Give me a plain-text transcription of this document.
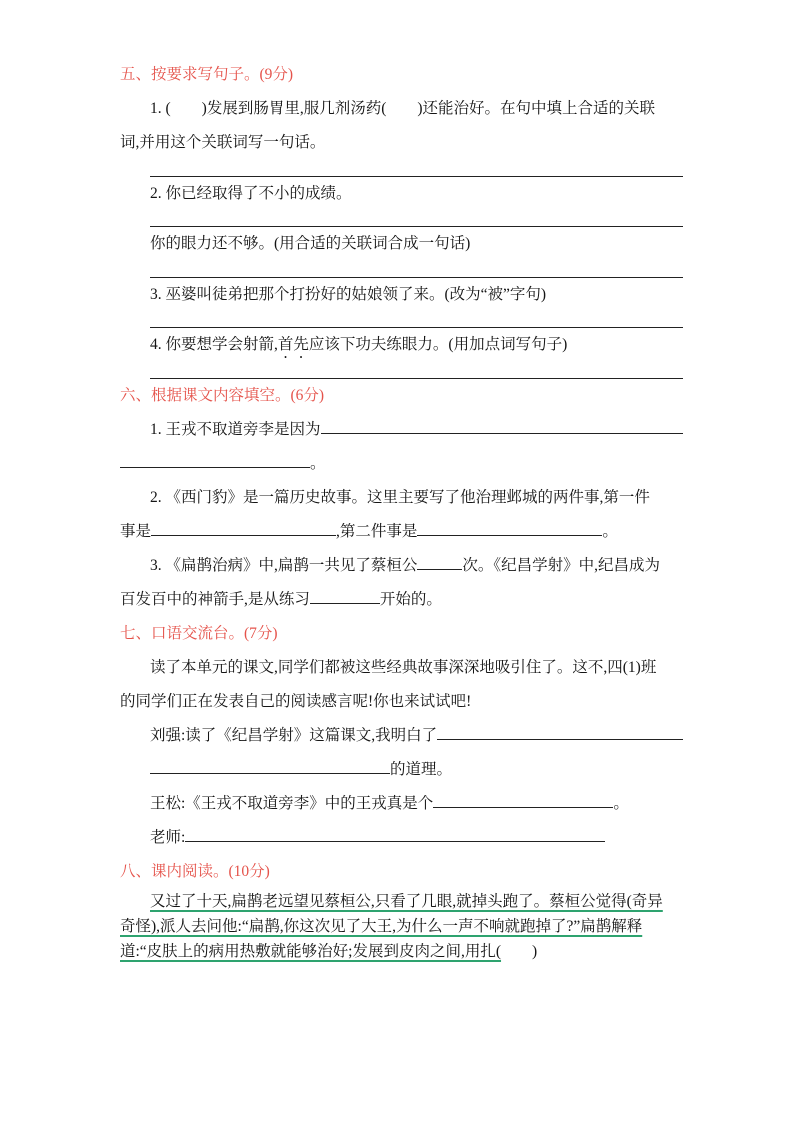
五、按要求写句子。(9分)
1. (　　)发展到肠胃里,服几剂汤药(　　)还能治好。在句中填上合适的关联
词,并用这个关联词写一句话。
2. 你已经取得了不小的成绩。
你的眼力还不够。(用合适的关联词合成一句话)
3. 巫婆叫徒弟把那个打扮好的姑娘领了来。(改为“被”字句)
4. 你要想学会射箭, 首先 应该下功夫练眼力。(用加点词写句子)
六、根据课文内容填空。(6分)
1. 王戎不取道旁李是因为
。
2. 《西门豹》是一篇历史故事。这里主要写了他治理邺城的两件事,第一件
事是	,第二件事是	。
3. 《扁鹊治病》中,扁鹊一共见了蔡桓公	次。《纪昌学射》中,纪昌成为
百发百中的神箭手,是从练习	开始的。
七、口语交流台。(7分)
读了本单元的课文,同学们都被这些经典故事深深地吸引住了。这不,四(1)班
的同学们正在发表自己的阅读感言呢!你也来试试吧!
刘强:读了《纪昌学射》这篇课文,我明白了
的道理。
王松:《王戎不取道旁李》中的王戎真是个	。
老师:
八、课内阅读。(10分)
又过了十天,扁鹊老远望见蔡桓公,只看了几眼,就掉头跑了。蔡桓公觉得(奇异
奇怪),派人去问他:“扁鹊,你这次见了大王,为什么一声不响就跑掉了?”扁鹊解释
道:“皮肤上的病用热敷就能够治好;发展到皮肉之间,用扎( 　　)
